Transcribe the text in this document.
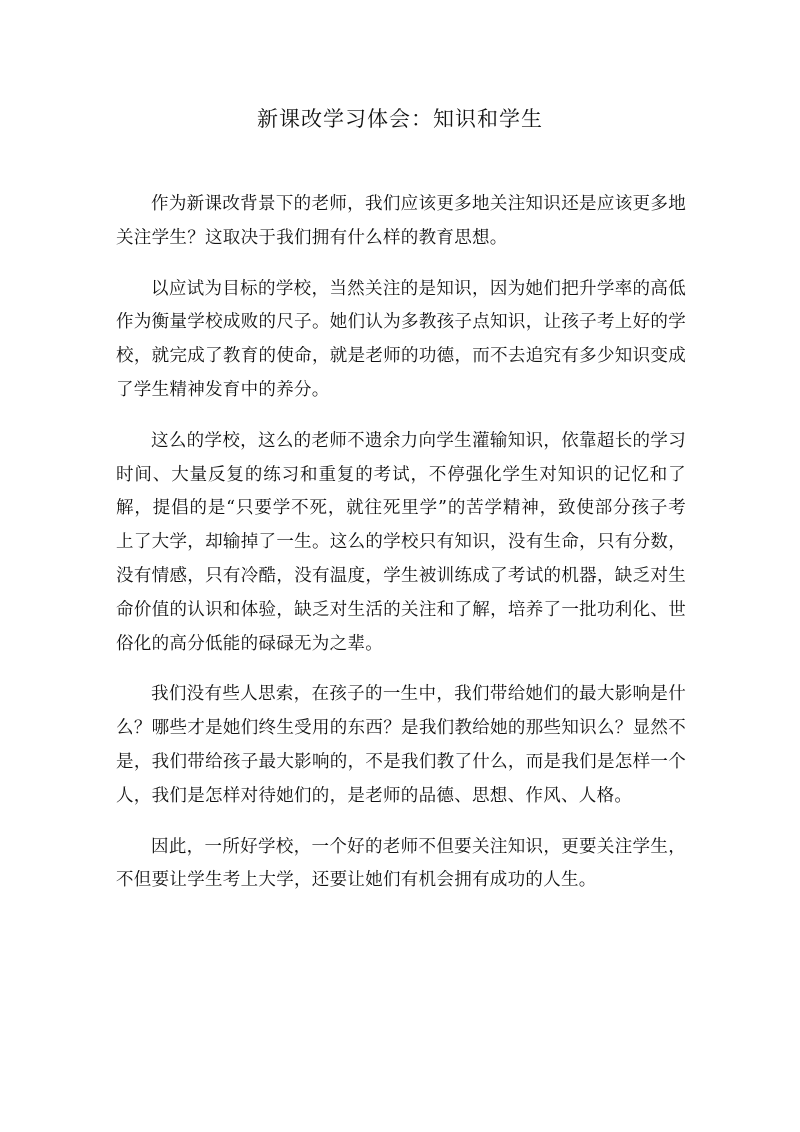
新课改学习体会：知识和学生

作为新课改背景下的老师，我们应该更多地关注知识还是应该更多地关注学生？这取决于我们拥有什么样的教育思想。

以应试为目标的学校，当然关注的是知识，因为她们把升学率的高低作为衡量学校成败的尺子。她们认为多教孩子点知识，让孩子考上好的学校，就完成了教育的使命，就是老师的功德，而不去追究有多少知识变成了学生精神发育中的养分。

这么的学校，这么的老师不遗余力向学生灌输知识，依靠超长的学习时间、大量反复的练习和重复的考试，不停强化学生对知识的记忆和了解，提倡的是“只要学不死，就往死里学”的苦学精神，致使部分孩子考上了大学，却输掉了一生。这么的学校只有知识，没有生命，只有分数，没有情感，只有冷酷，没有温度，学生被训练成了考试的机器，缺乏对生命价值的认识和体验，缺乏对生活的关注和了解，培养了一批功利化、世俗化的高分低能的碌碌无为之辈。

我们没有些人思索，在孩子的一生中，我们带给她们的最大影响是什么？哪些才是她们终生受用的东西？是我们教给她的那些知识么？显然不是，我们带给孩子最大影响的，不是我们教了什么，而是我们是怎样一个人，我们是怎样对待她们的，是老师的品德、思想、作风、人格。

因此，一所好学校，一个好的老师不但要关注知识，更要关注学生，不但要让学生考上大学，还要让她们有机会拥有成功的人生。
